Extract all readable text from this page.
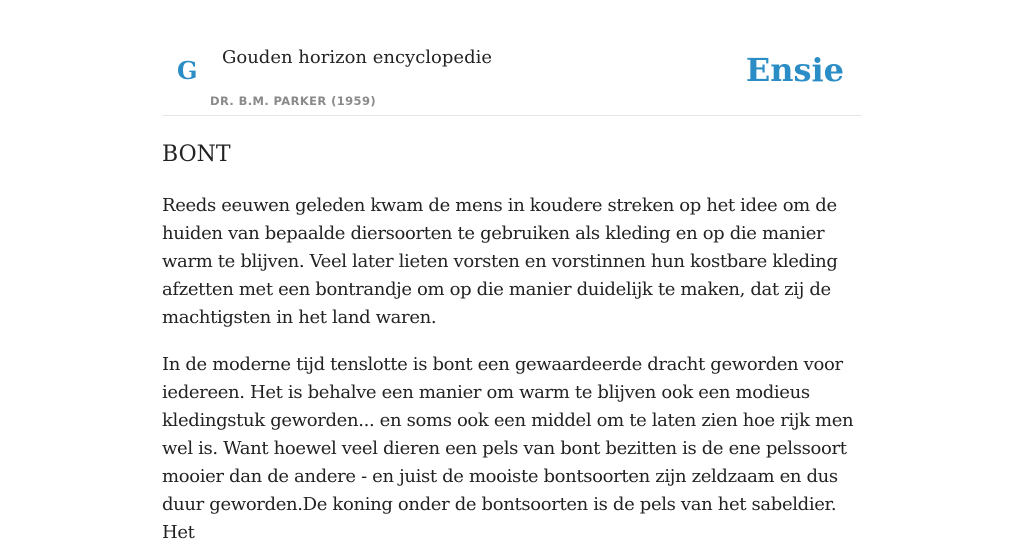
G Gouden horizon encyclopedie
DR. B.M. PARKER (1959)
Ensie
BONT

Reeds eeuwen geleden kwam de mens in koudere streken op het idee om de huiden van bepaalde diersoorten te gebruiken als kleding en op die manier warm te blijven. Veel later lieten vorsten en vorstinnen hun kostbare kleding afzetten met een bontrandje om op die manier duidelijk te maken, dat zij de machtigsten in het land waren.

In de moderne tijd tenslotte is bont een gewaardeerde dracht geworden voor iedereen. Het is behalve een manier om warm te blijven ook een modieus kledingstuk geworden... en soms ook een middel om te laten zien hoe rijk men wel is. Want hoewel veel dieren een pels van bont bezitten is de ene pelssoort mooier dan de andere - en juist de mooiste bontsoorten zijn zeldzaam en dus duur geworden.De koning onder de bontsoorten is de pels van het sabeldier. Het
